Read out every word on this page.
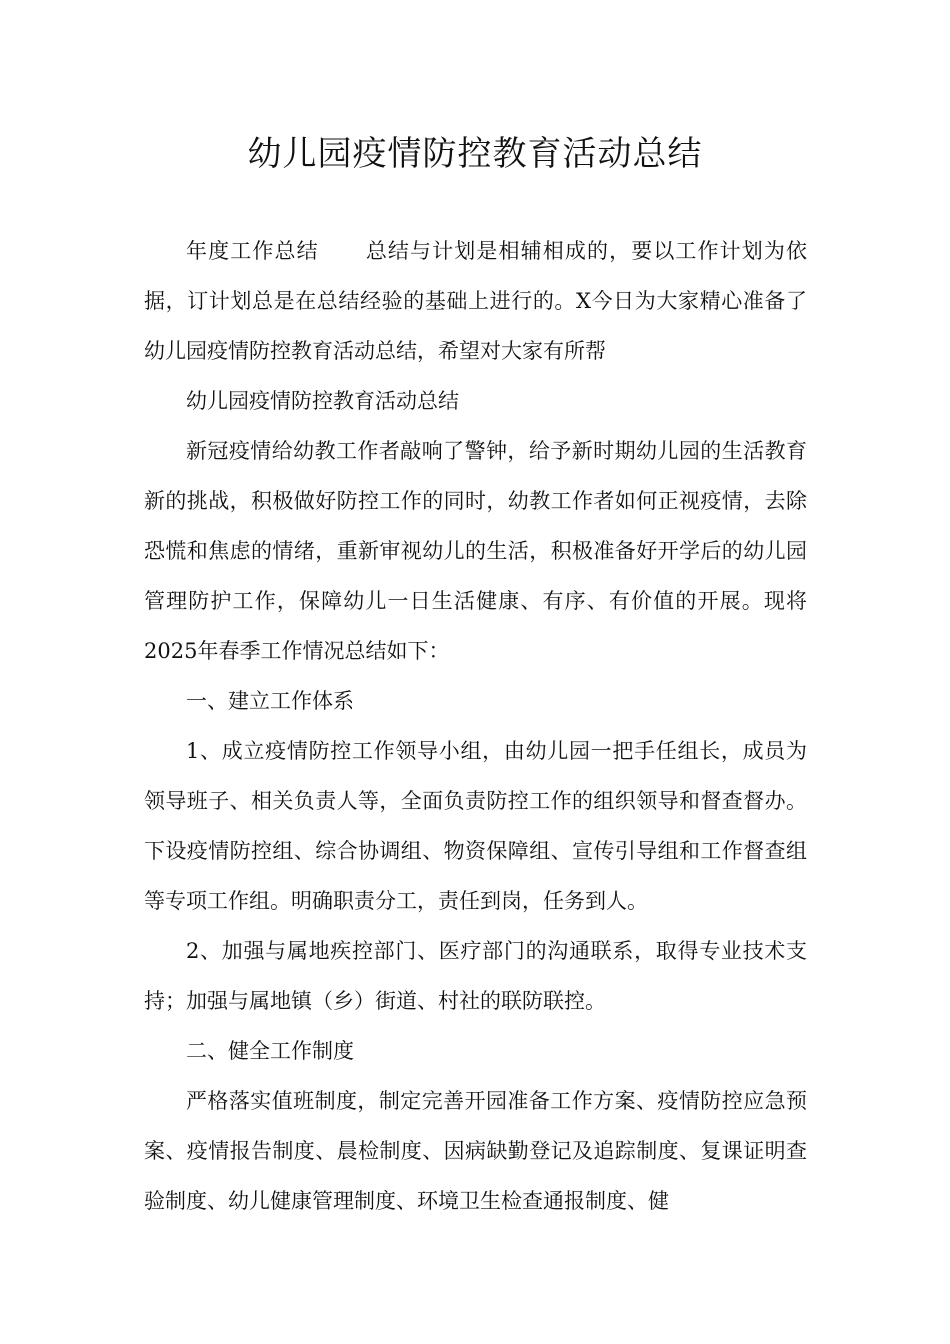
幼儿园疫情防控教育活动总结

年度工作总结 总结与计划是相辅相成的，要以工作计划为依据，订计划总是在总结经验的基础上进行的。X今日为大家精心准备了幼儿园疫情防控教育活动总结，希望对大家有所帮

幼儿园疫情防控教育活动总结

新冠疫情给幼教工作者敲响了警钟，给予新时期幼儿园的生活教育新的挑战，积极做好防控工作的同时，幼教工作者如何正视疫情，去除恐慌和焦虑的情绪，重新审视幼儿的生活，积极准备好开学后的幼儿园管理防护工作，保障幼儿一日生活健康、有序、有价值的开展。现将2025年春季工作情况总结如下：

一、建立工作体系

1、成立疫情防控工作领导小组，由幼儿园一把手任组长，成员为领导班子、相关负责人等，全面负责防控工作的组织领导和督查督办。下设疫情防控组、综合协调组、物资保障组、宣传引导组和工作督查组等专项工作组。明确职责分工，责任到岗，任务到人。

2、加强与属地疾控部门、医疗部门的沟通联系，取得专业技术支持；加强与属地镇（乡）街道、村社的联防联控。

二、健全工作制度

严格落实值班制度，制定完善开园准备工作方案、疫情防控应急预案、疫情报告制度、晨检制度、因病缺勤登记及追踪制度、复课证明查验制度、幼儿健康管理制度、环境卫生检查通报制度、健
